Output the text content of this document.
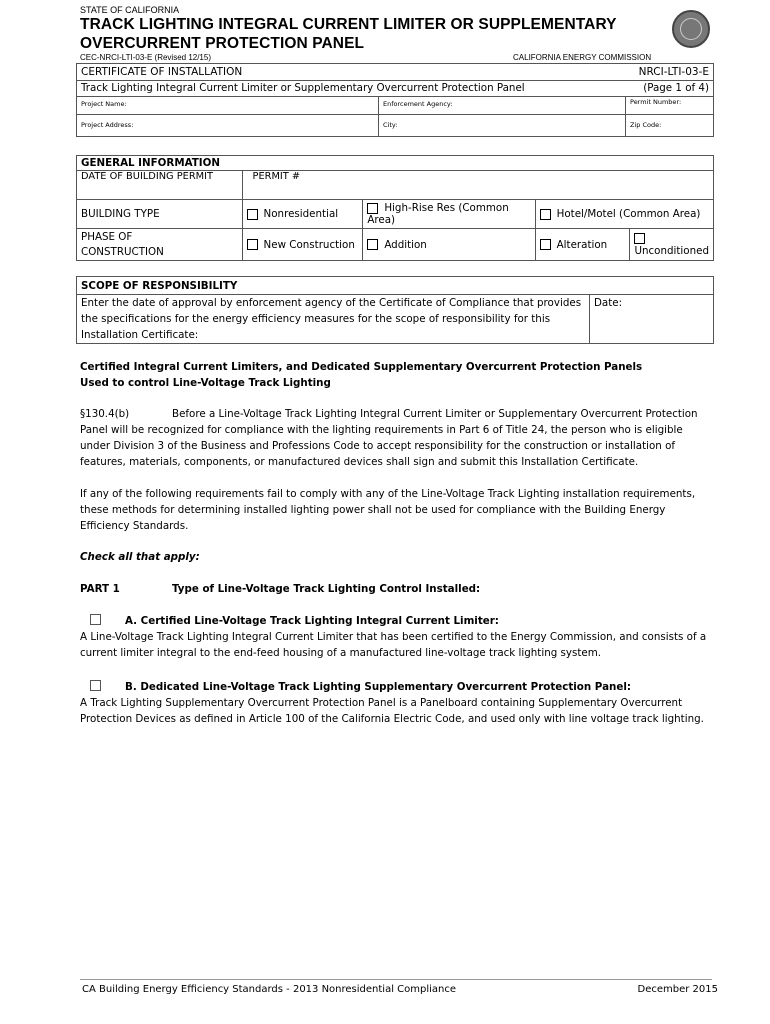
STATE OF CALIFORNIA
TRACK LIGHTING INTEGRAL CURRENT LIMITER OR SUPPLEMENTARY
OVERCURRENT PROTECTION PANEL
CEC-NRCI-LTI-03-E (Revised 12/15)	CALIFORNIA ENERGY COMMISSION
CERTIFICATE OF INSTALLATION		NRCI-LTI-03-E
Track Lighting Integral Current Limiter or Supplementary Overcurrent Protection Panel		(Page 1 of 4)
Project Name:	Enforcement Agency:	Permit Number:
Project Address:	City:	Zip Code:
GENERAL INFORMATION				
DATE OF BUILDING PERMIT	PERMIT #			
BUILDING TYPE	Nonresidential	High-Rise Res (Common Area)	Hotel/Motel (Common Area)	

PHASE OF
CONSTRUCTION	New Construction	Addition	Alteration	Unconditioned
SCOPE OF RESPONSIBILITY
Enter the date of approval by enforcement agency of the Certificate of Compliance that provides the specifications for the energy efficiency measures for the scope of responsibility for this Installation Certificate:	Date:
Certified Integral Current Limiters, and Dedicated Supplementary Overcurrent Protection Panels
Used to control Line-Voltage Track Lighting
§130.4(b)	Before a Line-Voltage Track Lighting Integral Current Limiter or Supplementary Overcurrent Protection Panel will be recognized for compliance with the lighting requirements in Part 6 of Title 24, the person who is eligible under Division 3 of the Business and Professions Code to accept responsibility for the construction or installation of features, materials, components, or manufactured devices shall sign and submit this Installation Certificate.
If any of the following requirements fail to comply with any of the Line-Voltage Track Lighting installation requirements, these methods for determining installed lighting power shall not be used for compliance with the Building Energy Efficiency Standards.
Check all that apply:
PART 1	Type of Line-Voltage Track Lighting Control Installed:
A. Certified Line-Voltage Track Lighting Integral Current Limiter:
A Line-Voltage Track Lighting Integral Current Limiter that has been certified to the Energy Commission, and consists of a current limiter integral to the end-feed housing of a manufactured line-voltage track lighting system.
B. Dedicated Line-Voltage Track Lighting Supplementary Overcurrent Protection Panel:
A Track Lighting Supplementary Overcurrent Protection Panel is a Panelboard containing Supplementary Overcurrent Protection Devices as defined in Article 100 of the California Electric Code, and used only with line voltage track lighting.
CA Building Energy Efficiency Standards - 2013 Nonresidential Compliance	December 2015
